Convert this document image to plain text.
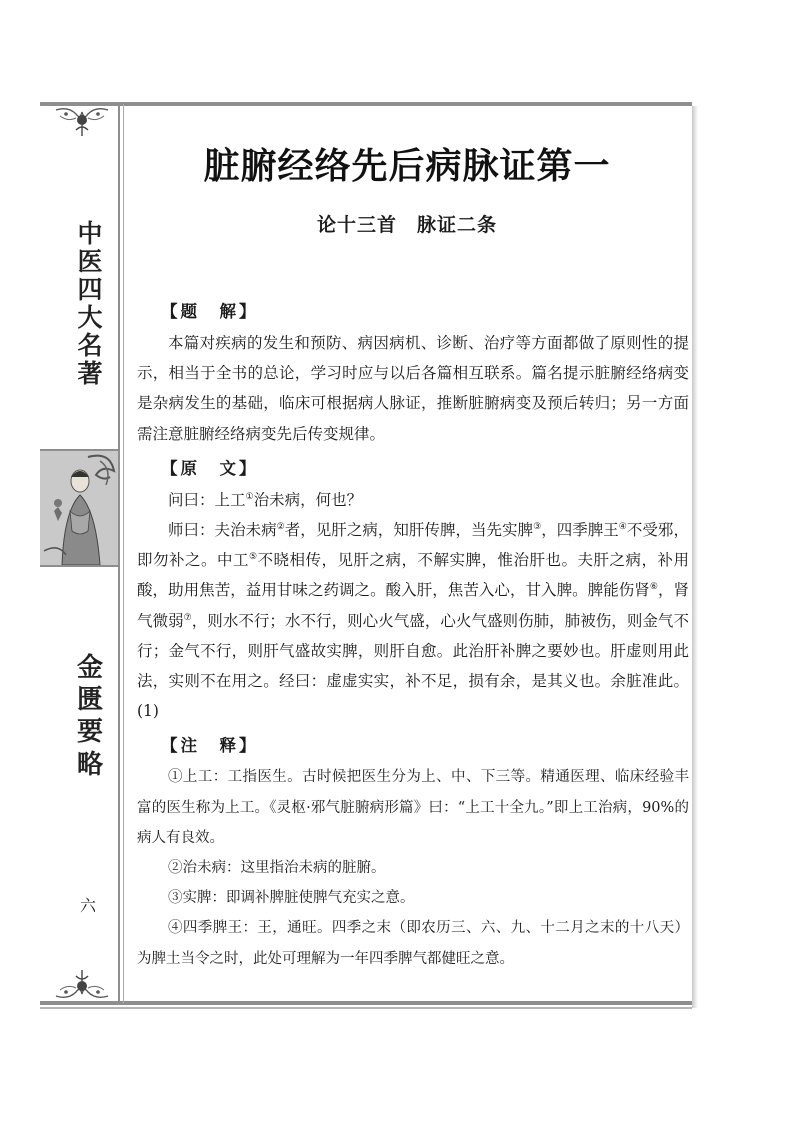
中医四大名著
金匮要略
六
脏腑经络先后病脉证第一
论十三首　脉证二条
【题　解】

本篇对疾病的发生和预防、病因病机、诊断、治疗等方面都做了原则性的提示，相当于全书的总论，学习时应与以后各篇相互联系。篇名提示脏腑经络病变是杂病发生的基础，临床可根据病人脉证，推断脏腑病变及预后转归；另一方面需注意脏腑经络病变先后传变规律。

【原　文】

问曰：上工①治未病，何也？

师曰：夫治未病②者，见肝之病，知肝传脾，当先实脾③，四季脾王④不受邪，即勿补之。中工⑤不晓相传，见肝之病，不解实脾，惟治肝也。夫肝之病，补用酸，助用焦苦，益用甘味之药调之。酸入肝，焦苦入心，甘入脾。脾能伤肾⑥，肾气微弱⑦，则水不行；水不行，则心火气盛，心火气盛则伤肺，肺被伤，则金气不行；金气不行，则肝气盛故实脾，则肝自愈。此治肝补脾之要妙也。肝虚则用此法，实则不在用之。经曰：虚虚实实，补不足，损有余，是其义也。余脏准此。(1)

【注　释】

①上工：工指医生。古时候把医生分为上、中、下三等。精通医理、临床经验丰富的医生称为上工。《灵枢·邪气脏腑病形篇》曰：“上工十全九。”即上工治病，90%的病人有良效。

②治未病：这里指治未病的脏腑。

③实脾：即调补脾脏使脾气充实之意。

④四季脾王：王，通旺。四季之末（即农历三、六、九、十二月之末的十八天）为脾土当令之时，此处可理解为一年四季脾气都健旺之意。
